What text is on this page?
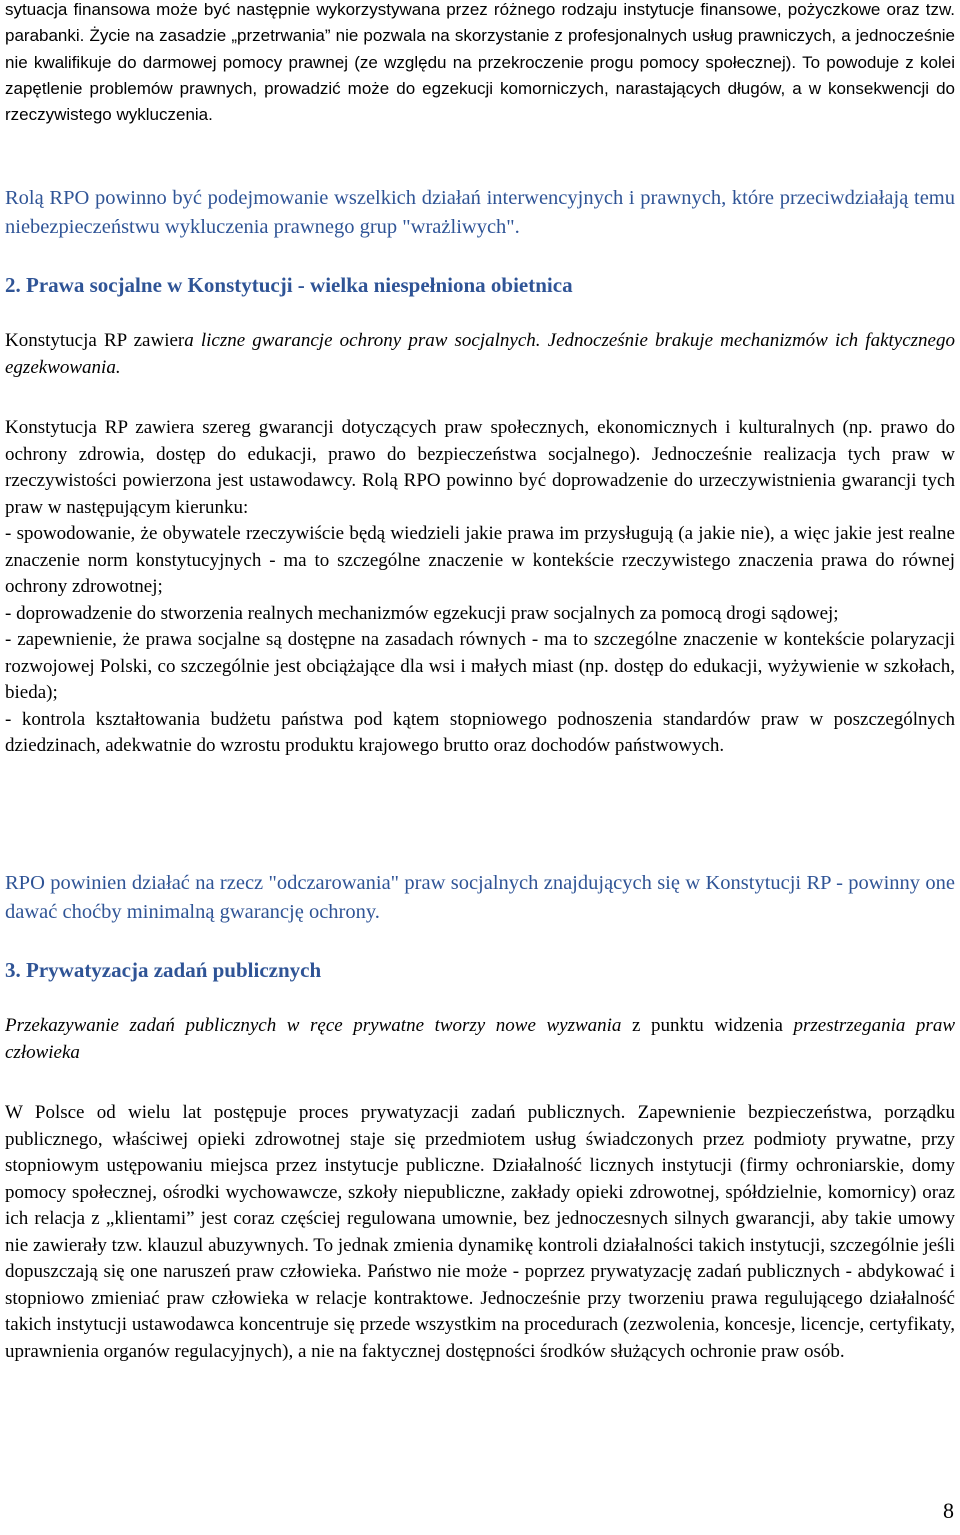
sytuacja finansowa może być następnie wykorzystywana przez różnego rodzaju instytucje finansowe, pożyczkowe oraz tzw. parabanki. Życie na zasadzie „przetrwania” nie pozwala na skorzystanie z profesjonalnych usług prawniczych, a jednocześnie nie kwalifikuje do darmowej pomocy prawnej (ze względu na przekroczenie progu pomocy społecznej). To powoduje z kolei zapętlenie problemów prawnych, prowadzić może do egzekucji komorniczych, narastających długów, a w konsekwencji do rzeczywistego wykluczenia.

Rolą RPO powinno być podejmowanie wszelkich działań interwencyjnych i prawnych, które przeciwdziałają temu niebezpieczeństwu wykluczenia prawnego grup "wrażliwych".

2. Prawa socjalne w Konstytucji - wielka niespełniona obietnica

Konstytucja RP zawiera liczne gwarancje ochrony praw socjalnych. Jednocześnie brakuje mechanizmów ich faktycznego egzekwowania.

Konstytucja RP zawiera szereg gwarancji dotyczących praw społecznych, ekonomicznych i kulturalnych (np. prawo do ochrony zdrowia, dostęp do edukacji, prawo do bezpieczeństwa socjalnego). Jednocześnie realizacja tych praw w rzeczywistości powierzona jest ustawodawcy. Rolą RPO powinno być doprowadzenie do urzeczywistnienia gwarancji tych praw w następującym kierunku:
- spowodowanie, że obywatele rzeczywiście będą wiedzieli jakie prawa im przysługują (a jakie nie), a więc jakie jest realne znaczenie norm konstytucyjnych - ma to szczególne znaczenie w kontekście rzeczywistego znaczenia prawa do równej ochrony zdrowotnej;
- doprowadzenie do stworzenia realnych mechanizmów egzekucji praw socjalnych za pomocą drogi sądowej;
- zapewnienie, że prawa socjalne są dostępne na zasadach równych - ma to szczególne znaczenie w kontekście polaryzacji rozwojowej Polski, co szczególnie jest obciążające dla wsi i małych miast (np. dostęp do edukacji, wyżywienie w szkołach, bieda);
- kontrola kształtowania budżetu państwa pod kątem stopniowego podnoszenia standardów praw w poszczególnych dziedzinach, adekwatnie do wzrostu produktu krajowego brutto oraz dochodów państwowych.

RPO powinien działać na rzecz "odczarowania" praw socjalnych znajdujących się w Konstytucji RP - powinny one dawać choćby minimalną gwarancję ochrony.

3. Prywatyzacja zadań publicznych

Przekazywanie zadań publicznych w ręce prywatne tworzy nowe wyzwania z punktu widzenia przestrzegania praw człowieka

W Polsce od wielu lat postępuje proces prywatyzacji zadań publicznych. Zapewnienie bezpieczeństwa, porządku publicznego, właściwej opieki zdrowotnej staje się przedmiotem usług świadczonych przez podmioty prywatne, przy stopniowym ustępowaniu miejsca przez instytucje publiczne. Działalność licznych instytucji (firmy ochroniarskie, domy pomocy społecznej, ośrodki wychowawcze, szkoły niepubliczne, zakłady opieki zdrowotnej, spółdzielnie, komornicy) oraz ich relacja z „klientami” jest coraz częściej regulowana umownie, bez jednoczesnych silnych gwarancji, aby takie umowy nie zawierały tzw. klauzul abuzywnych. To jednak zmienia dynamikę kontroli działalności takich instytucji, szczególnie jeśli dopuszczają się one naruszeń praw człowieka. Państwo nie może - poprzez prywatyzację zadań publicznych - abdykować i stopniowo zmieniać praw człowieka w relacje kontraktowe. Jednocześnie przy tworzeniu prawa regulującego działalność takich instytucji ustawodawca koncentruje się przede wszystkim na procedurach (zezwolenia, koncesje, licencje, certyfikaty, uprawnienia organów regulacyjnych), a nie na faktycznej dostępności środków służących ochronie praw osób.

8
